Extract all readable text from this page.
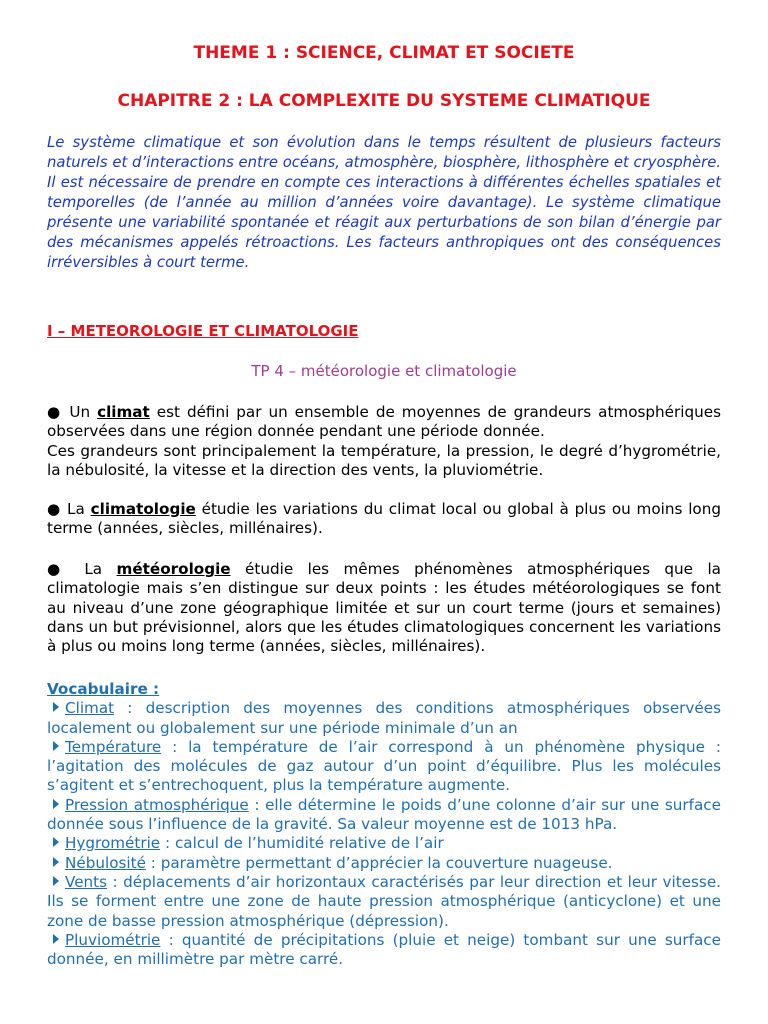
THEME 1 : SCIENCE, CLIMAT ET SOCIETE
CHAPITRE 2 : LA COMPLEXITE DU SYSTEME CLIMATIQUE
Le système climatique et son évolution dans le temps résultent de plusieurs facteurs naturels et d’interactions entre océans, atmosphère, biosphère, lithosphère et cryosphère. Il est nécessaire de prendre en compte ces interactions à différentes échelles spatiales et temporelles (de l’année au million d’années voire davantage). Le système climatique présente une variabilité spontanée et réagit aux perturbations de son bilan d’énergie par des mécanismes appelés rétroactions. Les facteurs anthropiques ont des conséquences irréversibles à court terme.
I – METEOROLOGIE ET CLIMATOLOGIE
TP 4 – météorologie et climatologie
● Un climat est défini par un ensemble de moyennes de grandeurs atmosphériques observées dans une région donnée pendant une période donnée.
Ces grandeurs sont principalement la température, la pression, le degré d’hygrométrie, la nébulosité, la vitesse et la direction des vents, la pluviométrie.
● La climatologie étudie les variations du climat local ou global à plus ou moins long terme (années, siècles, millénaires).
● La météorologie étudie les mêmes phénomènes atmosphériques que la climatologie mais s’en distingue sur deux points : les études météorologiques se font au niveau d’une zone géographique limitée et sur un court terme (jours et semaines) dans un but prévisionnel, alors que les études climatologiques concernent les variations à plus ou moins long terme (années, siècles, millénaires).
Vocabulaire :
Climat : description des moyennes des conditions atmosphériques observées localement ou globalement sur une période minimale d’un an
Température : la température de l’air correspond à un phénomène physique : l’agitation des molécules de gaz autour d’un point d’équilibre. Plus les molécules s’agitent et s’entrechoquent, plus la température augmente.
Pression atmosphérique : elle détermine le poids d’une colonne d’air sur une surface donnée sous l’influence de la gravité. Sa valeur moyenne est de 1013 hPa.
Hygrométrie : calcul de l’humidité relative de l’air
Nébulosité : paramètre permettant d’apprécier la couverture nuageuse.
Vents : déplacements d’air horizontaux caractérisés par leur direction et leur vitesse. Ils se forment entre une zone de haute pression atmosphérique (anticyclone) et une zone de basse pression atmosphérique (dépression).
Pluviométrie : quantité de précipitations (pluie et neige) tombant sur une surface donnée, en millimètre par mètre carré.
